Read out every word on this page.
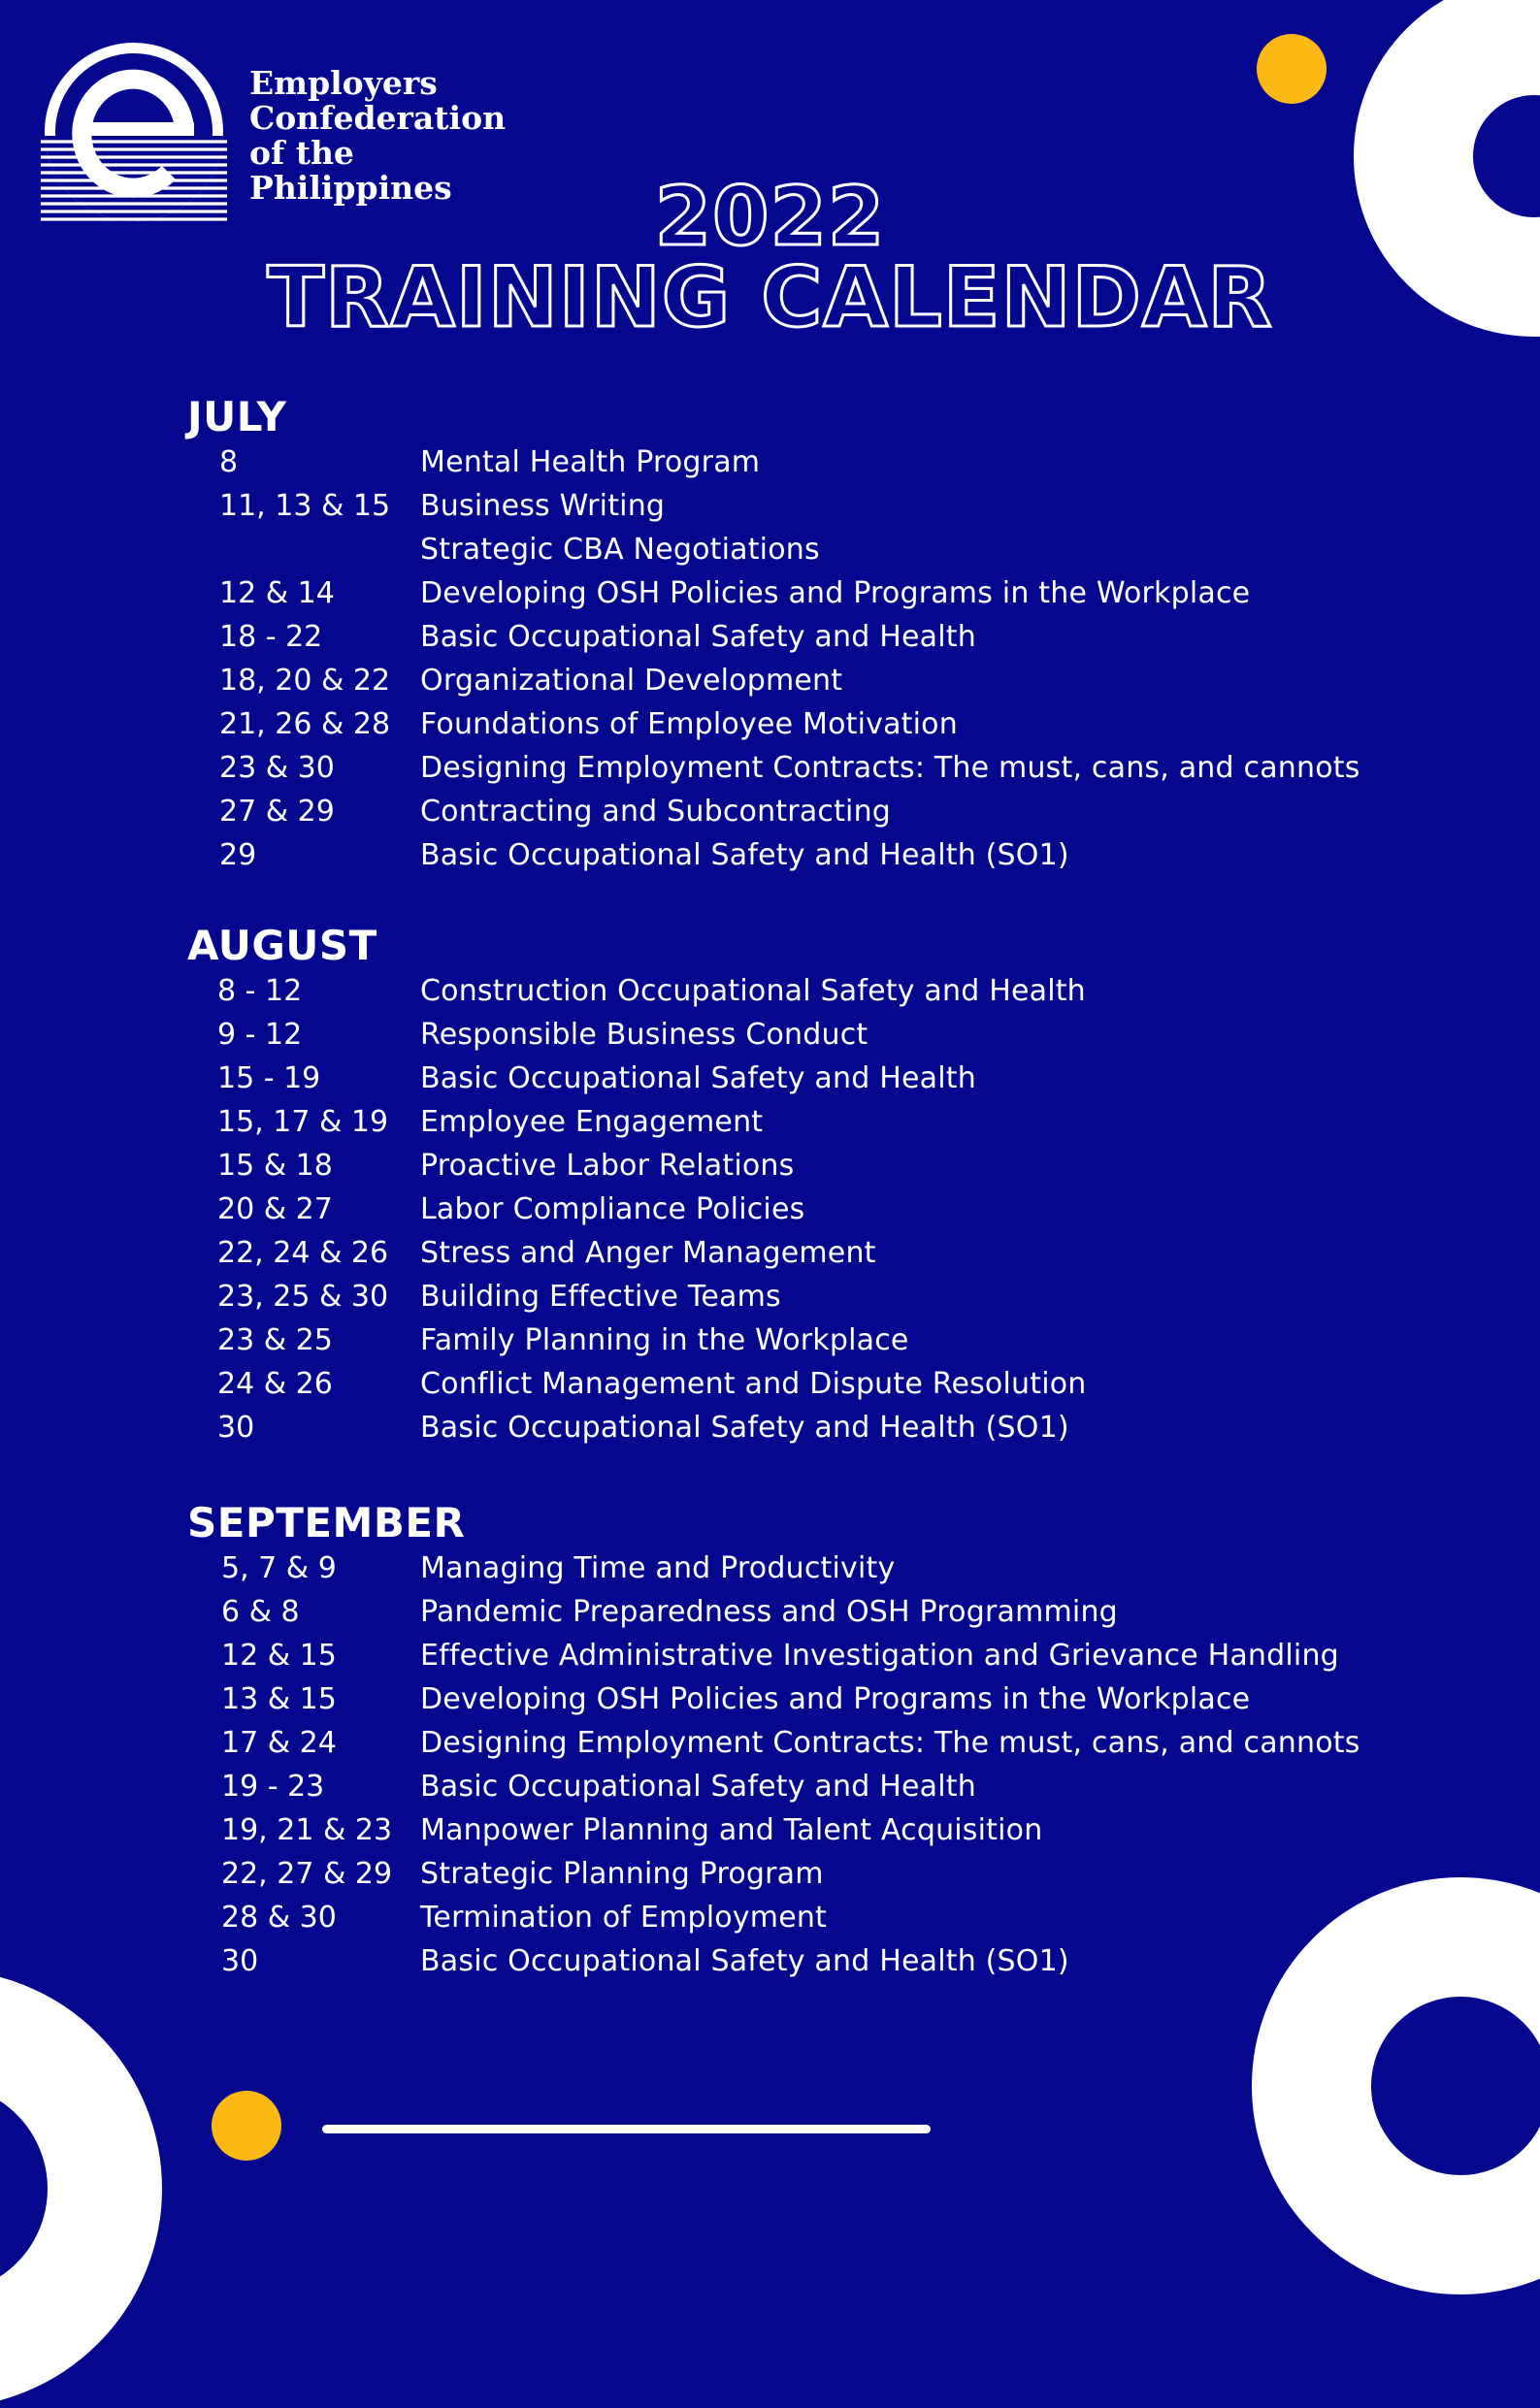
Employers
Confederation
of the
Philippines	2022
TRAINING CALENDAR
JULY
8	Mental Health Program
11, 13 & 15 Business Writing
Strategic CBA Negotiations
12 & 14	Developing OSH Policies and Programs in the Workplace
18 - 22	Basic Occupational Safety and Health
18, 20 & 22 Organizational Development
21, 26 & 28 Foundations of Employee Motivation
23 & 30	Designing Employment Contracts: The must, cans, and cannots
27 & 29	Contracting and Subcontracting
29	Basic Occupational Safety and Health (SO1)
AUGUST
8 - 12	Construction Occupational Safety and Health
9 - 12	Responsible Business Conduct
15 - 19	Basic Occupational Safety and Health
15, 17 & 19 Employee Engagement
15 & 18	Proactive Labor Relations
20 & 27	Labor Compliance Policies
22, 24 & 26 Stress and Anger Management
23, 25 & 30 Building Effective Teams
23 & 25	Family Planning in the Workplace
24 & 26	Conflict Management and Dispute Resolution
30	Basic Occupational Safety and Health (SO1)
SEPTEMBER
5, 7 & 9	Managing Time and Productivity
6 & 8	Pandemic Preparedness and OSH Programming
12 & 15	Effective Administrative Investigation and Grievance Handling
13 & 15	Developing OSH Policies and Programs in the Workplace
17 & 24	Designing Employment Contracts: The must, cans, and cannots
19 - 23	Basic Occupational Safety and Health
19, 21 & 23 Manpower Planning and Talent Acquisition
22, 27 & 29 Strategic Planning Program
28 & 30	Termination of Employment
30	Basic Occupational Safety and Health (SO1)
